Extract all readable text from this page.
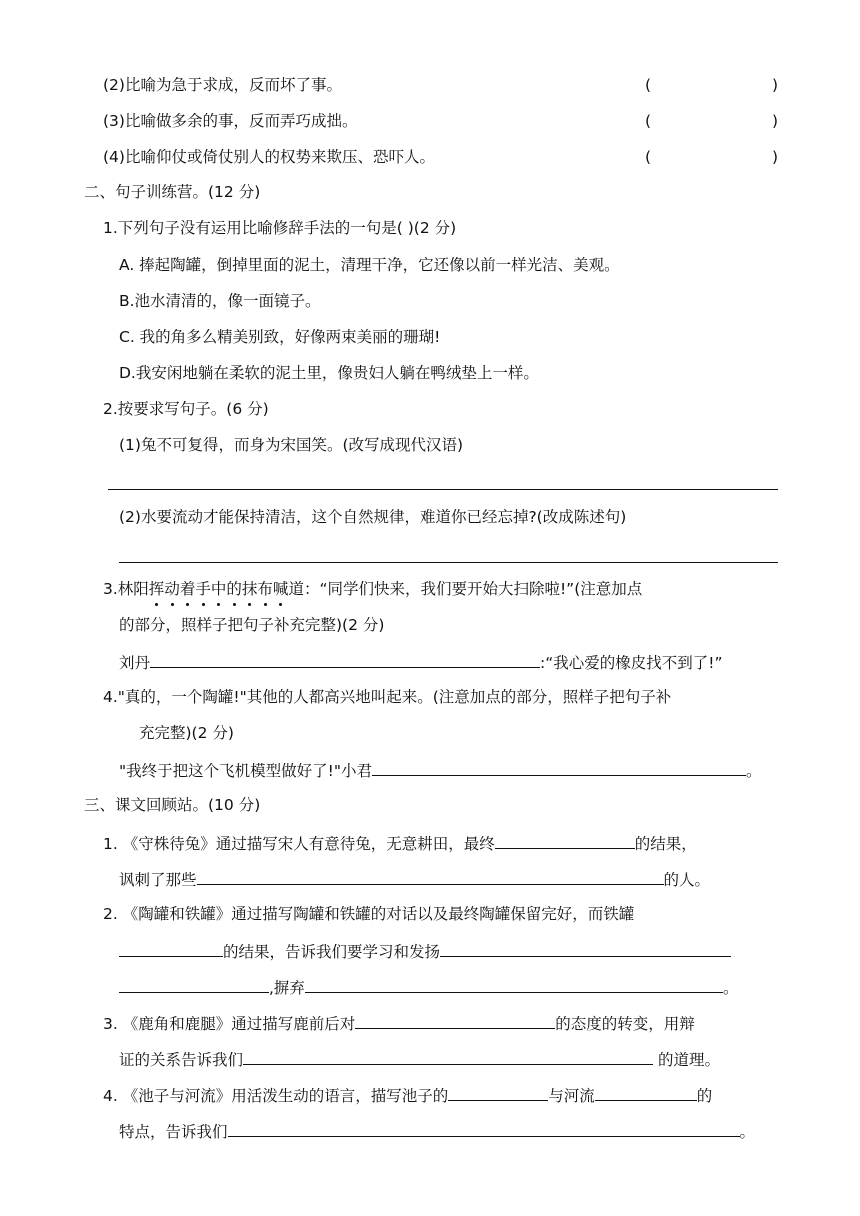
(2)比喻为急于求成，反而坏了事。	(	)
(3)比喻做多余的事，反而弄巧成拙。	(	)
(4)比喻仰仗或倚仗别人的权势来欺压、恐吓人。	(	)
二、句子训练营。(12 分)
1.下列句子没有运用比喻修辞手法的一句是( )(2 分)
A. 捧起陶罐，倒掉里面的泥土，清理干净，它还像以前一样光洁、美观。
B.池水清清的，像一面镜子。
C. 我的角多么精美别致，好像两束美丽的珊瑚!
D.我安闲地躺在柔软的泥土里，像贵妇人躺在鸭绒垫上一样。
2.按要求写句子。(6 分)
(1)兔不可复得，而身为宋国笑。(改写成现代汉语)
(2)水要流动才能保持清洁，这个自然规律，难道你已经忘掉?(改成陈述句)
3.林阳挥动着手中的抹布喊道：“同学们快来，我们要开始大扫除啦!”(注意加点
的部分，照样子把句子补充完整)(2 分)
刘丹	:“我心爱的橡皮找不到了!”
4."真的，一个陶罐!"其他的人都高兴地叫起来。(注意加点的部分，照样子把句子补
充完整)(2 分)
"我终于把这个飞机模型做好了!"小君	。
三、课文回顾站。(10 分)
1. 《守株待兔》通过描写宋人有意待兔，无意耕田，最终	的结果，
讽刺了那些	的人。
2. 《陶罐和铁罐》通过描写陶罐和铁罐的对话以及最终陶罐保留完好，而铁罐
的结果，告诉我们要学习和发扬
,摒弃	。
3. 《鹿角和鹿腿》通过描写鹿前后对	的态度的转变，用辩
证的关系告诉我们	的道理。
4. 《池子与河流》用活泼生动的语言，描写池子的	与河流	的
特点，告诉我们	。
